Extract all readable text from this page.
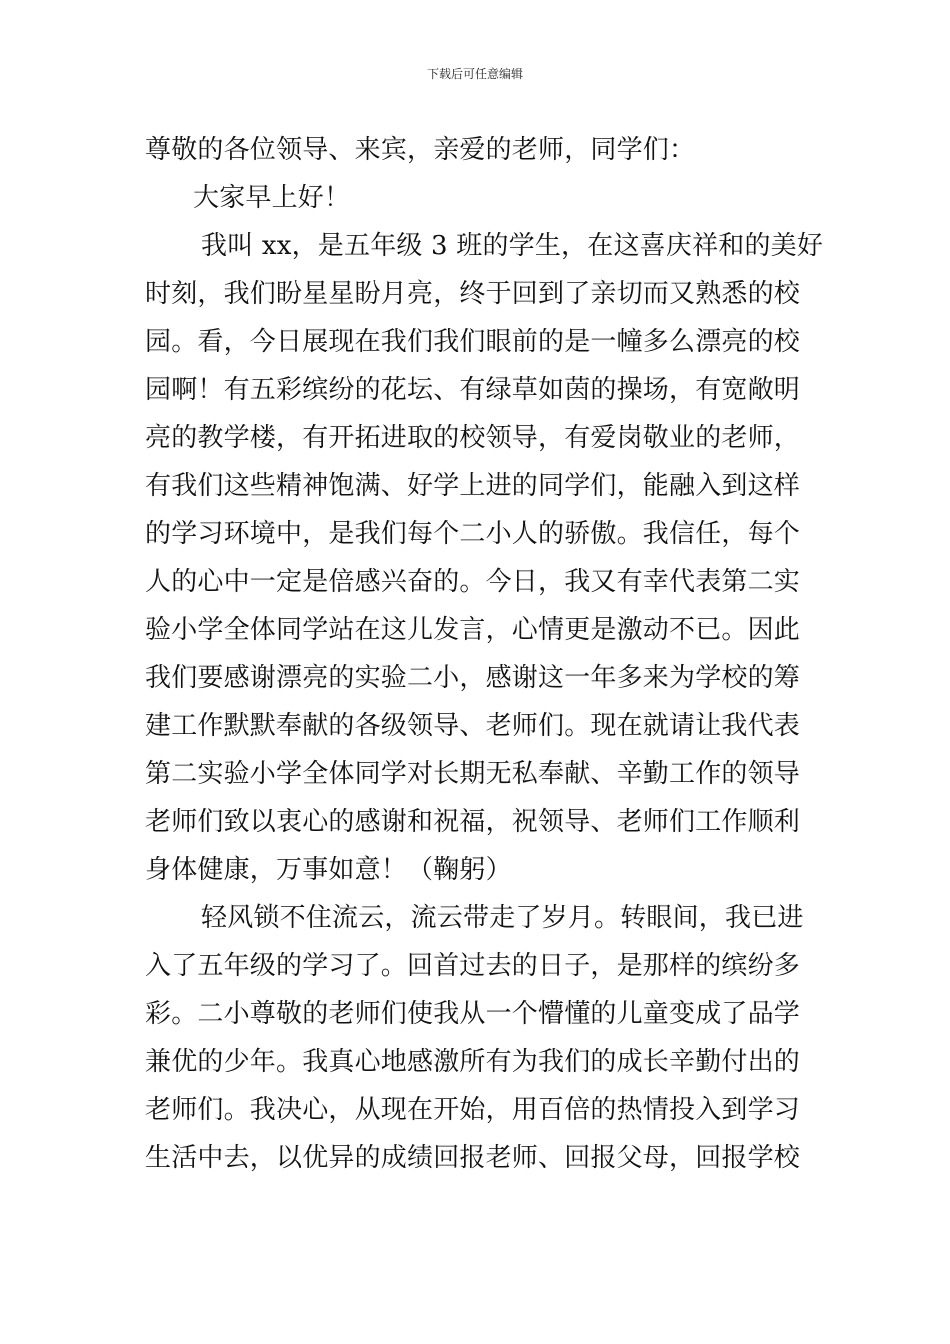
下载后可任意编辑
尊敬的各位领导、来宾，亲爱的老师，同学们：
大家早上好！
我叫 xx，是五年级 3 班的学生，在这喜庆祥和的美好
时刻，我们盼星星盼月亮，终于回到了亲切而又熟悉的校
园。看，今日展现在我们我们眼前的是一幢多么漂亮的校
园啊！有五彩缤纷的花坛、有绿草如茵的操场，有宽敞明
亮的教学楼，有开拓进取的校领导，有爱岗敬业的老师，
有我们这些精神饱满、好学上进的同学们，能融入到这样
的学习环境中，是我们每个二小人的骄傲。我信任，每个
人的心中一定是倍感兴奋的。今日，我又有幸代表第二实
验小学全体同学站在这儿发言，心情更是激动不已。因此
我们要感谢漂亮的实验二小，感谢这一年多来为学校的筹
建工作默默奉献的各级领导、老师们。现在就请让我代表
第二实验小学全体同学对长期无私奉献、辛勤工作的领导
老师们致以衷心的感谢和祝福，祝领导、老师们工作顺利
身体健康，万事如意！（鞠躬）
轻风锁不住流云，流云带走了岁月。转眼间，我已进
入了五年级的学习了。回首过去的日子，是那样的缤纷多
彩。二小尊敬的老师们使我从一个懵懂的儿童变成了品学
兼优的少年。我真心地感激所有为我们的成长辛勤付出的
老师们。我决心，从现在开始，用百倍的热情投入到学习
生活中去，以优异的成绩回报老师、回报父母，回报学校
